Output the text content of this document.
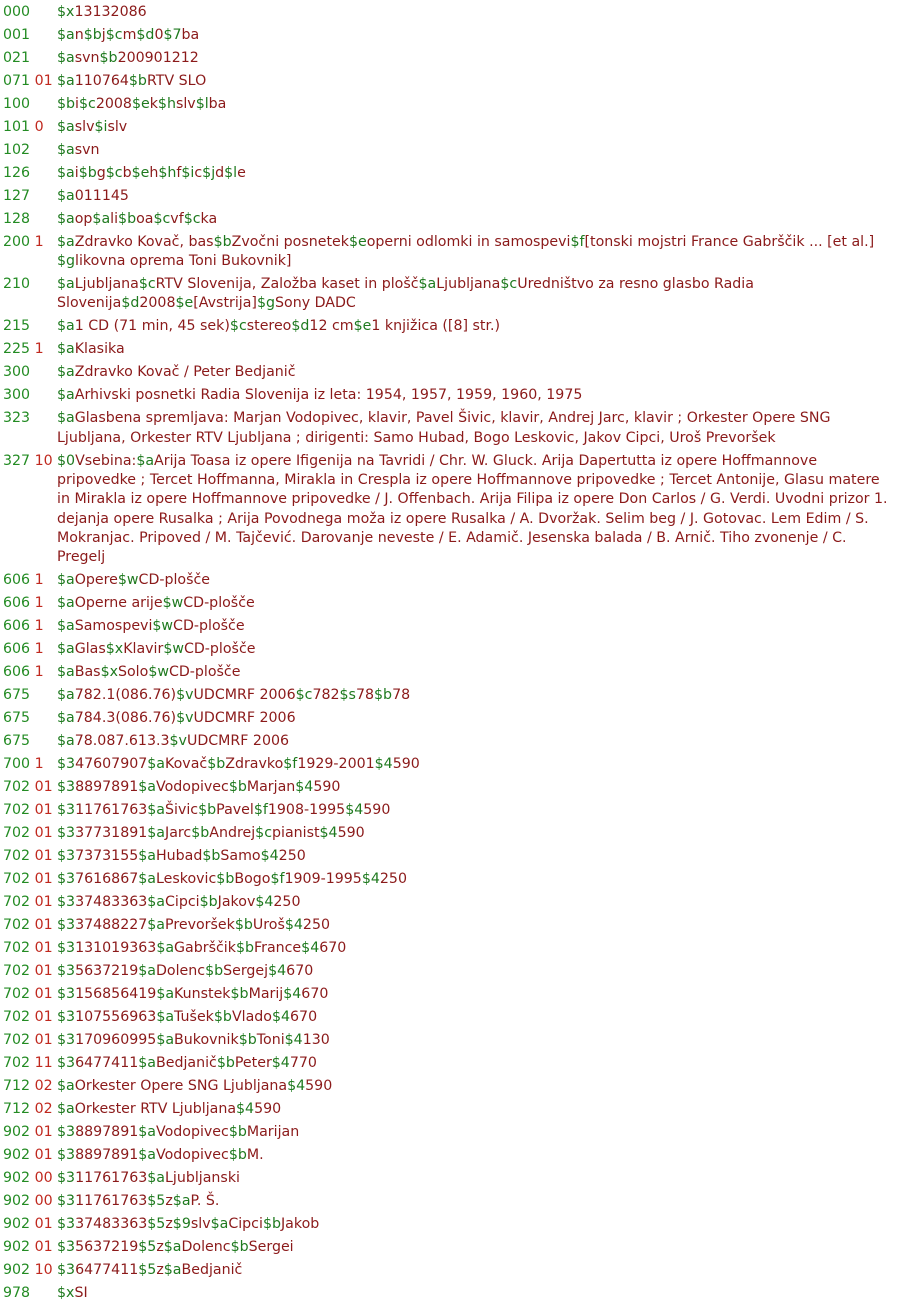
000	$x13132086
001	$an$bj$cm$d0$7ba
021	$asvn$b200901212
071 01 $a110764$bRTV SLO
100	$bi$c2008$ek$hslv$lba
101 0 $aslv$islv
102	$asvn
126	$ai$bg$cb$eh$hf$ic$jd$le
127	$a011145
128	$aop$ali$boa$cvf$cka
200 1 $aZdravko Kovač, bas$bZvočni posnetek$eoperni odlomki in samospevi$f[tonski mojstri France Gabrščik ... [et al.] $glikovna oprema Toni Bukovnik]
210	$aLjubljana$cRTV Slovenija, Založba kaset in plošč$aLjubljana$cUredništvo za resno glasbo Radia Slovenija$d2008$e[Avstrija]$gSony DADC
215	$a1 CD (71 min, 45 sek)$cstereo$d12 cm$e1 knjižica ([8] str.)
225 1 $aKlasika
300	$aZdravko Kovač / Peter Bedjanič
300	$aArhivski posnetki Radia Slovenija iz leta: 1954, 1957, 1959, 1960, 1975
323	$aGlasbena spremljava: Marjan Vodopivec, klavir, Pavel Šivic, klavir, Andrej Jarc, klavir ; Orkester Opere SNG Ljubljana, Orkester RTV Ljubljana ; dirigenti: Samo Hubad, Bogo Leskovic, Jakov Cipci, Uroš Prevoršek
327 10 $0Vsebina:$aArija Toasa iz opere Ifigenija na Tavridi / Chr. W. Gluck. Arija Dapertutta iz opere Hoffmannove pripovedke ; Tercet Hoffmanna, Mirakla in Crespla iz opere Hoffmannove pripovedke ; Tercet Antonije, Glasu matere in Mirakla iz opere Hoffmannove pripovedke / J. Offenbach. Arija Filipa iz opere Don Carlos / G. Verdi. Uvodni prizor 1. dejanja opere Rusalka ; Arija Povodnega moža iz opere Rusalka / A. Dvoržak. Selim beg / J. Gotovac. Lem Edim / S. Mokranjac. Pripoved / M. Tajčević. Darovanje neveste / E. Adamič. Jesenska balada / B. Arnič. Tiho zvonenje / C. Pregelj
606 1 $aOpere$wCD-plošče
606 1 $aOperne arije$wCD-plošče
606 1 $aSamospevi$wCD-plošče
606 1 $aGlas$xKlavir$wCD-plošče
606 1 $aBas$xSolo$wCD-plošče
675	$a782.1(086.76)$vUDCMRF 2006$c782$s78$b78
675	$a784.3(086.76)$vUDCMRF 2006
675	$a78.087.613.3$vUDCMRF 2006
700 1 $347607907$aKovač$bZdravko$f1929-2001$4590
702 01 $38897891$aVodopivec$bMarjan$4590
702 01 $311761763$aŠivic$bPavel$f1908-1995$4590
702 01 $337731891$aJarc$bAndrej$cpianist$4590
702 01 $37373155$aHubad$bSamo$4250
702 01 $37616867$aLeskovic$bBogo$f1909-1995$4250
702 01 $337483363$aCipci$bJakov$4250
702 01 $337488227$aPrevoršek$bUroš$4250
702 01 $3131019363$aGabrščik$bFrance$4670
702 01 $35637219$aDolenc$bSergej$4670
702 01 $3156856419$aKunstek$bMarij$4670
702 01 $3107556963$aTušek$bVlado$4670
702 01 $3170960995$aBukovnik$bToni$4130
702 11 $36477411$aBedjanič$bPeter$4770
712 02 $aOrkester Opere SNG Ljubljana$4590
712 02 $aOrkester RTV Ljubljana$4590
902 01 $38897891$aVodopivec$bMarijan
902 01 $38897891$aVodopivec$bM.
902 00 $311761763$aLjubljanski
902 00 $311761763$5z$aP. Š.
902 01 $337483363$5z$9slv$aCipci$bJakob
902 01 $35637219$5z$aDolenc$bSergei
902 10 $36477411$5z$aBedjanič
978	$xSI
